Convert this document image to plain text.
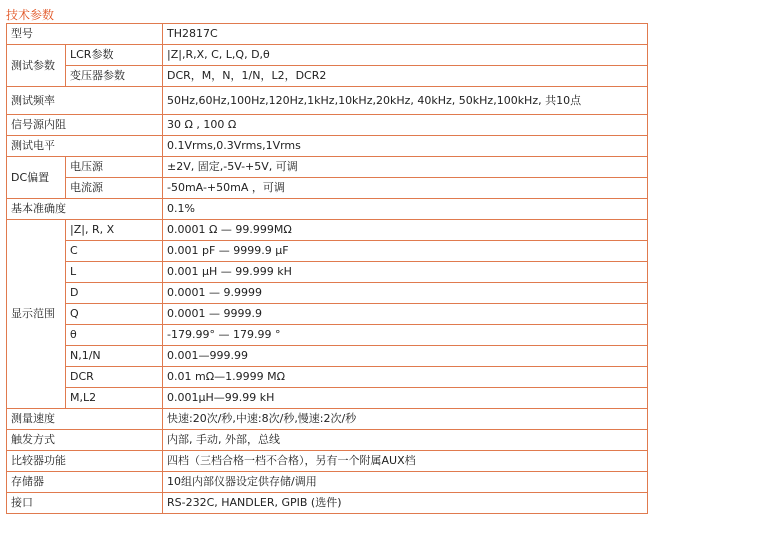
技术参数
型号		TH2817C
测试参数	LCR参数	|Z|,R,X, C, L,Q, D,θ
	变压器参数	DCR，M，N，1/N，L2，DCR2
测试频率		50Hz,60Hz,100Hz,120Hz,1kHz,10kHz,20kHz, 40kHz, 50kHz,100kHz, 共10点
信号源内阻		30 Ω , 100 Ω
测试电平		0.1Vrms,0.3Vrms,1Vrms
DC偏置	电压源	±2V, 固定,-5V-+5V, 可调
	电流源	-50mA-+50mA ，可调
基本准确度		0.1%
显示范围	|Z|, R, X	0.0001 Ω — 99.999MΩ
	C	0.001 pF — 9999.9 μF
	L	0.001 μH — 99.999 kH
	D	0.0001 — 9.9999
	Q	0.0001 — 9999.9
	θ	-179.99° — 179.99 °
	N,1/N	0.001—999.99
	DCR	0.01 mΩ—1.9999 MΩ
	M,L2	0.001μH—99.99 kH
测量速度		快速:20次/秒,中速:8次/秒,慢速:2次/秒
触发方式		内部, 手动, 外部，总线
比较器功能		四档（三档合格一档不合格），另有一个附属AUX档
存储器		10组内部仪器设定供存储/调用
接口		RS-232C, HANDLER, GPIB (选件)
